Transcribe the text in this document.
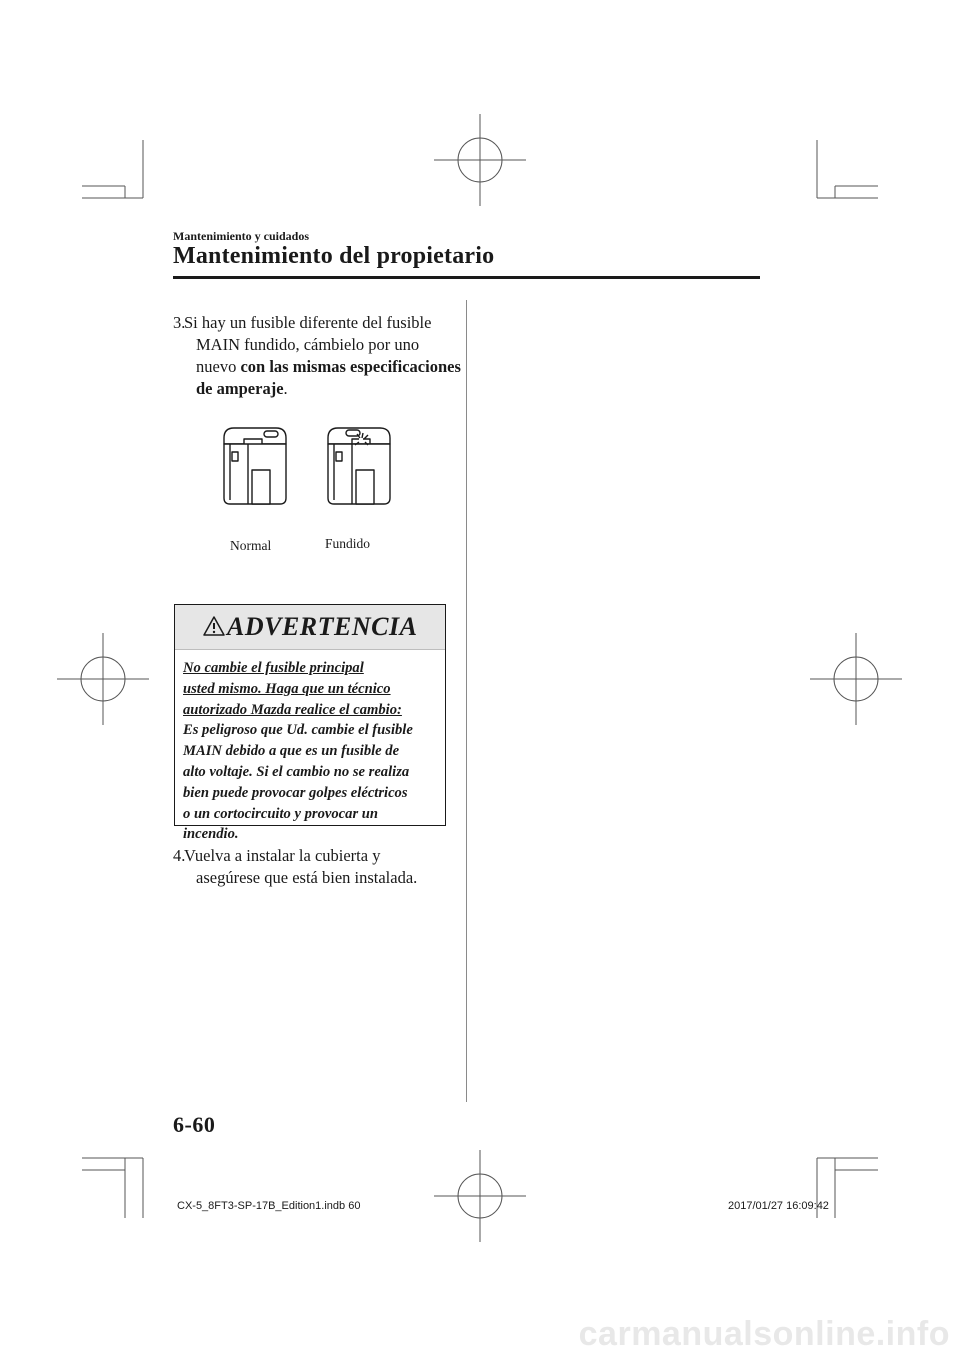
Mantenimiento y cuidados
Mantenimiento del propietario
3.
Si hay un fusible diferente del fusible
MAIN fundido, cámbielo por uno
nuevo con las mismas especificaciones
de amperaje.
Normal	Fundido
ADVERTENCIA
No cambie el fusible principal
usted mismo. Haga que un técnico
autorizado Mazda realice el cambio:
Es peligroso que Ud. cambie el fusible
MAIN debido a que es un fusible de
alto voltaje. Si el cambio no se realiza
bien puede provocar golpes eléctricos
o un cortocircuito y provocar un
incendio.
4.
Vuelva a instalar la cubierta y
asegúrese que está bien instalada.
6-60
CX-5_8FT3-SP-17B_Edition1.indb 60	2017/01/27 16:09:42
carmanualsonline.info
